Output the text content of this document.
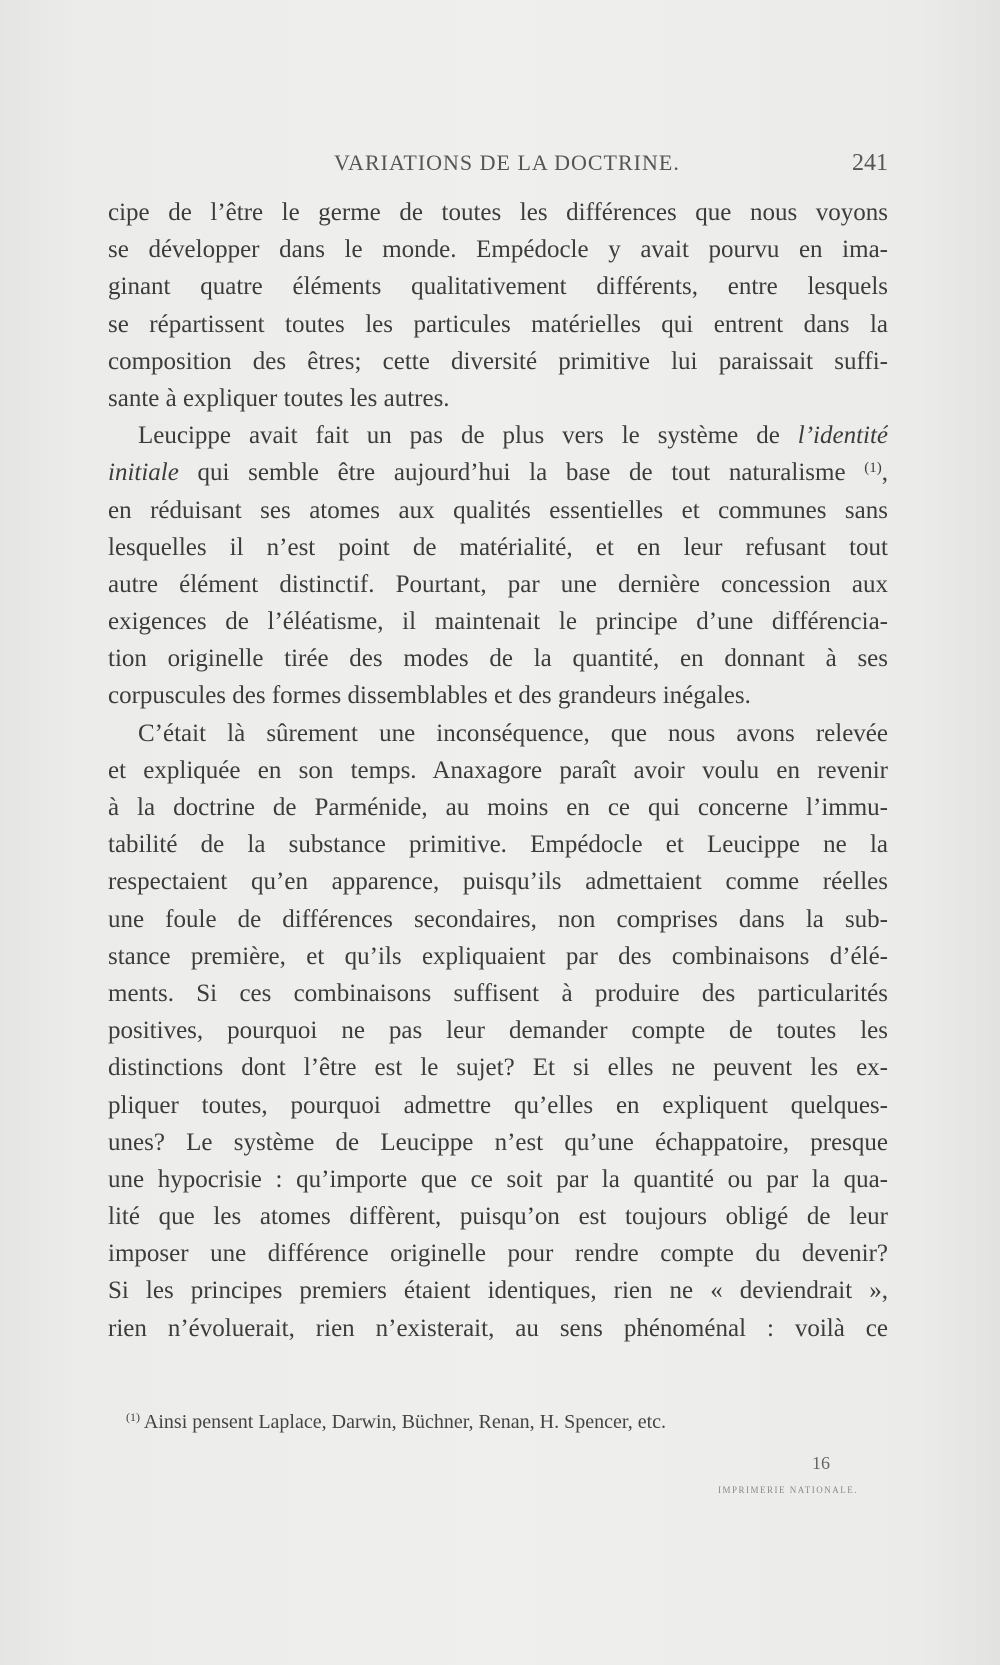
VARIATIONS DE LA DOCTRINE.	241
cipe de l’être le germe de toutes les différences que nous voyons
se développer dans le monde. Empédocle y avait pourvu en ima-
ginant quatre éléments qualitativement différents, entre lesquels
se répartissent toutes les particules matérielles qui entrent dans la
composition des êtres; cette diversité primitive lui paraissait suffi-
sante à expliquer toutes les autres.
Leucippe avait fait un pas de plus vers le système de l’identité
initiale qui semble être aujourd’hui la base de tout naturalisme $^{(1)}$,
en réduisant ses atomes aux qualités essentielles et communes sans
lesquelles il n’est point de matérialité, et en leur refusant tout
autre élément distinctif. Pourtant, par une dernière concession aux
exigences de l’éléatisme, il maintenait le principe d’une différencia-
tion originelle tirée des modes de la quantité, en donnant à ses
corpuscules des formes dissemblables et des grandeurs inégales.
C’était là sûrement une inconséquence, que nous avons relevée
et expliquée en son temps. Anaxagore paraît avoir voulu en revenir
à la doctrine de Parménide, au moins en ce qui concerne l’immu-
tabilité de la substance primitive. Empédocle et Leucippe ne la
respectaient qu’en apparence, puisqu’ils admettaient comme réelles
une foule de différences secondaires, non comprises dans la sub-
stance première, et qu’ils expliquaient par des combinaisons d’élé-
ments. Si ces combinaisons suffisent à produire des particularités
positives, pourquoi ne pas leur demander compte de toutes les
distinctions dont l’être est le sujet? Et si elles ne peuvent les ex-
pliquer toutes, pourquoi admettre qu’elles en expliquent quelques-
unes? Le système de Leucippe n’est qu’une échappatoire, presque
une hypocrisie : qu’importe que ce soit par la quantité ou par la qua-
lité que les atomes diffèrent, puisqu’on est toujours obligé de leur
imposer une différence originelle pour rendre compte du devenir?
Si les principes premiers étaient identiques, rien ne « deviendrait »,
rien n’évoluerait, rien n’existerait, au sens phénoménal : voilà ce
$^{(1)}$ Ainsi pensent Laplace, Darwin, Büchner, Renan, H. Spencer, etc.
16
IMPRIMERIE NATIONALE.
